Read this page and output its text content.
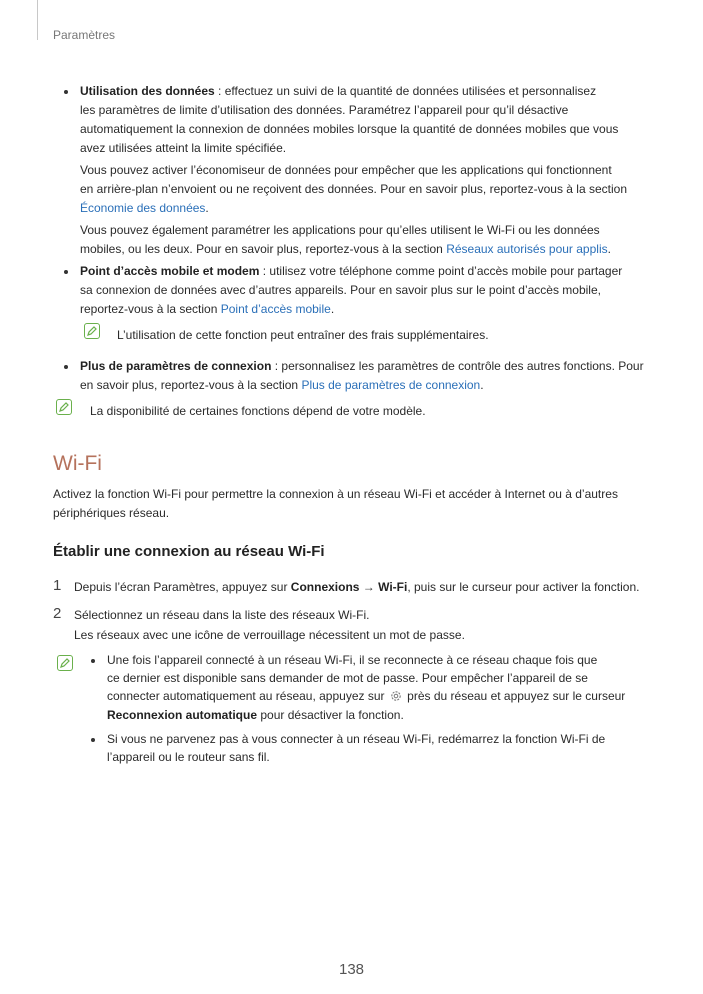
Paramètres
Utilisation des données : effectuez un suivi de la quantité de données utilisées et personnalisez
les paramètres de limite d’utilisation des données. Paramétrez l’appareil pour qu’il désactive
automatiquement la connexion de données mobiles lorsque la quantité de données mobiles que vous
avez utilisées atteint la limite spécifiée.
Vous pouvez activer l’économiseur de données pour empêcher que les applications qui fonctionnent
en arrière-plan n’envoient ou ne reçoivent des données. Pour en savoir plus, reportez-vous à la section
Économie des données.
Vous pouvez également paramétrer les applications pour qu’elles utilisent le Wi-Fi ou les données
mobiles, ou les deux. Pour en savoir plus, reportez-vous à la section Réseaux autorisés pour applis.
Point d’accès mobile et modem : utilisez votre téléphone comme point d’accès mobile pour partager
sa connexion de données avec d’autres appareils. Pour en savoir plus sur le point d’accès mobile,
reportez-vous à la section Point d’accès mobile.
L’utilisation de cette fonction peut entraîner des frais supplémentaires.
Plus de paramètres de connexion : personnalisez les paramètres de contrôle des autres fonctions. Pour
en savoir plus, reportez-vous à la section Plus de paramètres de connexion.
La disponibilité de certaines fonctions dépend de votre modèle.
Wi-Fi
Activez la fonction Wi-Fi pour permettre la connexion à un réseau Wi-Fi et accéder à Internet ou à d’autres
périphériques réseau.
Établir une connexion au réseau Wi-Fi
1 Depuis l’écran Paramètres, appuyez sur Connexions → Wi-Fi, puis sur le curseur pour activer la fonction.
2 Sélectionnez un réseau dans la liste des réseaux Wi-Fi.
Les réseaux avec une icône de verrouillage nécessitent un mot de passe.
Une fois l’appareil connecté à un réseau Wi-Fi, il se reconnecte à ce réseau chaque fois que
ce dernier est disponible sans demander de mot de passe. Pour empêcher l’appareil de se
connecter automatiquement au réseau, appuyez sur  près du réseau et appuyez sur le curseur
Reconnexion automatique pour désactiver la fonction.
Si vous ne parvenez pas à vous connecter à un réseau Wi-Fi, redémarrez la fonction Wi-Fi de
l’appareil ou le routeur sans fil.
138
